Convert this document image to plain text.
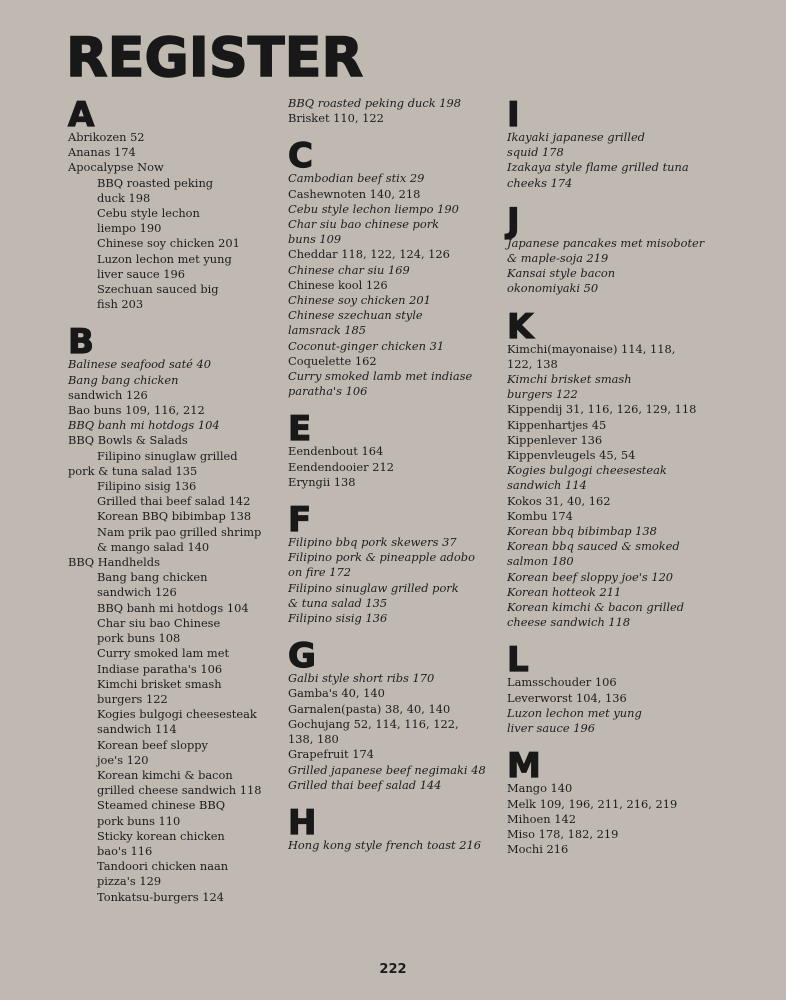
REGISTER
A
Abrikozen 52
Ananas 174
Apocalypse Now
BBQ roasted peking
duck 198
Cebu style lechon
liempo 190
Chinese soy chicken 201
Luzon lechon met yung
liver sauce 196
Szechuan sauced big
fish 203
B
Balinese seafood saté 40
Bang bang chicken
sandwich 126
Bao buns 109, 116, 212
BBQ banh mi hotdogs 104
BBQ Bowls & Salads
Filipino sinuglaw grilled
pork & tuna salad 135
Filipino sisig 136
Grilled thai beef salad 142
Korean BBQ bibimbap 138
Nam prik pao grilled shrimp
& mango salad 140
BBQ Handhelds
Bang bang chicken
sandwich 126
BBQ banh mi hotdogs 104
Char siu bao Chinese
pork buns 108
Curry smoked lam met
Indiase paratha's 106
Kimchi brisket smash
burgers 122
Kogies bulgogi cheesesteak
sandwich 114
Korean beef sloppy
joe's 120
Korean kimchi & bacon
grilled cheese sandwich 118
Steamed chinese BBQ
pork buns 110
Sticky korean chicken
bao's 116
Tandoori chicken naan
pizza's 129
Tonkatsu-burgers 124
BBQ roasted peking duck 198
Brisket 110, 122
C
Cambodian beef stix 29
Cashewnoten 140, 218
Cebu style lechon liempo 190
Char siu bao chinese pork
buns 109
Cheddar 118, 122, 124, 126
Chinese char siu 169
Chinese kool 126
Chinese soy chicken 201
Chinese szechuan style
lamsrack 185
Coconut-ginger chicken 31
Coquelette 162
Curry smoked lamb met indiase
paratha's 106
E
Eendenbout 164
Eendendooier 212
Eryngii 138
F
Filipino bbq pork skewers 37
Filipino pork & pineapple adobo
on fire 172
Filipino sinuglaw grilled pork
& tuna salad 135
Filipino sisig 136
G
Galbi style short ribs 170
Gamba's 40, 140
Garnalen(pasta) 38, 40, 140
Gochujang 52, 114, 116, 122,
138, 180
Grapefruit 174
Grilled japanese beef negimaki 48
Grilled thai beef salad 144
H
Hong kong style french toast 216
I
Ikayaki japanese grilled
squid 178
Izakaya style flame grilled tuna
cheeks 174
J
Japanese pancakes met misoboter
& maple-soja 219
Kansai style bacon
okonomiyaki 50
K
Kimchi(mayonaise) 114, 118,
122, 138
Kimchi brisket smash
burgers 122
Kippendij 31, 116, 126, 129, 118
Kippenhartjes 45
Kippenlever 136
Kippenvleugels 45, 54
Kogies bulgogi cheesesteak
sandwich 114
Kokos 31, 40, 162
Kombu 174
Korean bbq bibimbap 138
Korean bbq sauced & smoked
salmon 180
Korean beef sloppy joe's 120
Korean hotteok 211
Korean kimchi & bacon grilled
cheese sandwich 118
L
Lamsschouder 106
Leverworst 104, 136
Luzon lechon met yung
liver sauce 196
M
Mango 140
Melk 109, 196, 211, 216, 219
Mihoen 142
Miso 178, 182, 219
Mochi 216
222
